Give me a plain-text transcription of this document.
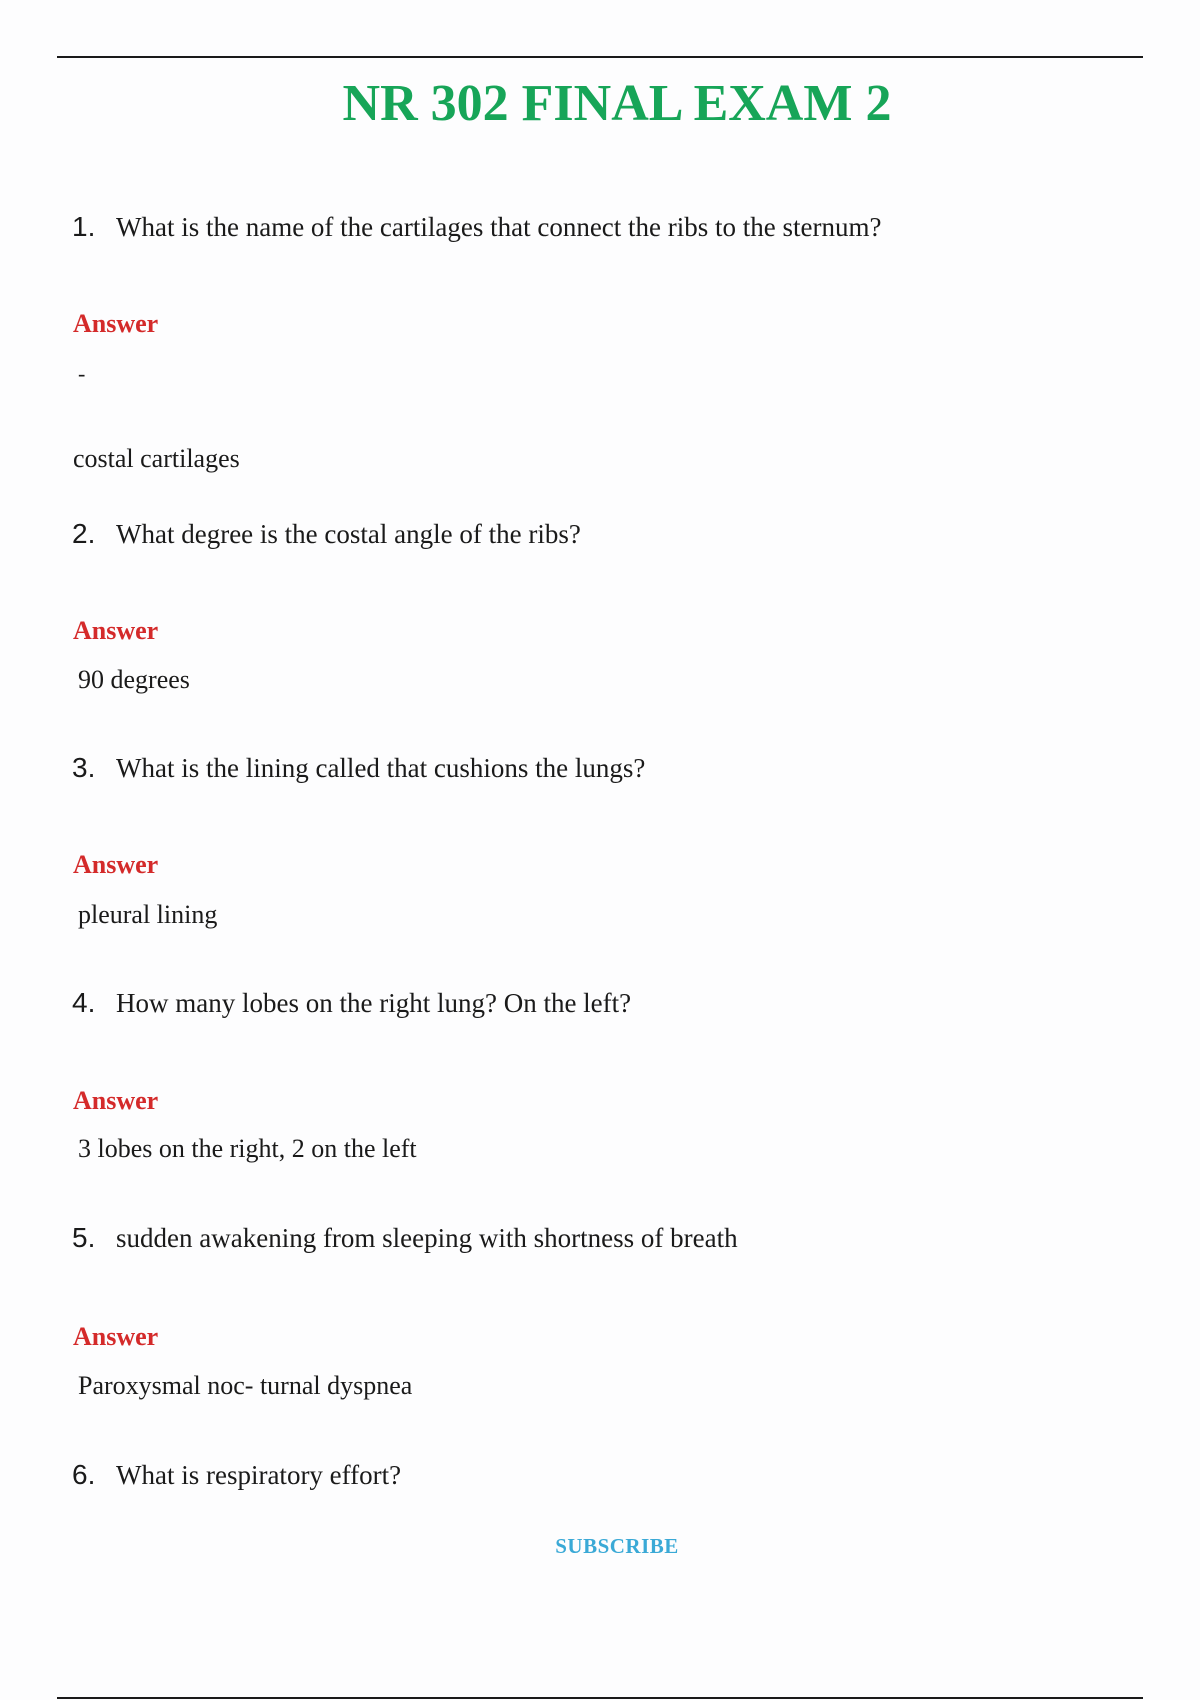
NR 302 FINAL EXAM 2
1. What is the name of the cartilages that connect the ribs to the sternum?
Answer
-
costal cartilages
2. What degree is the costal angle of the ribs?
Answer
90 degrees
3. What is the lining called that cushions the lungs?
Answer
pleural lining
4. How many lobes on the right lung? On the left?
Answer
3 lobes on the right, 2 on the left
5. sudden awakening from sleeping with shortness of breath
Answer
Paroxysmal noc- turnal dyspnea
6. What is respiratory effort?
SUBSCRIBE
